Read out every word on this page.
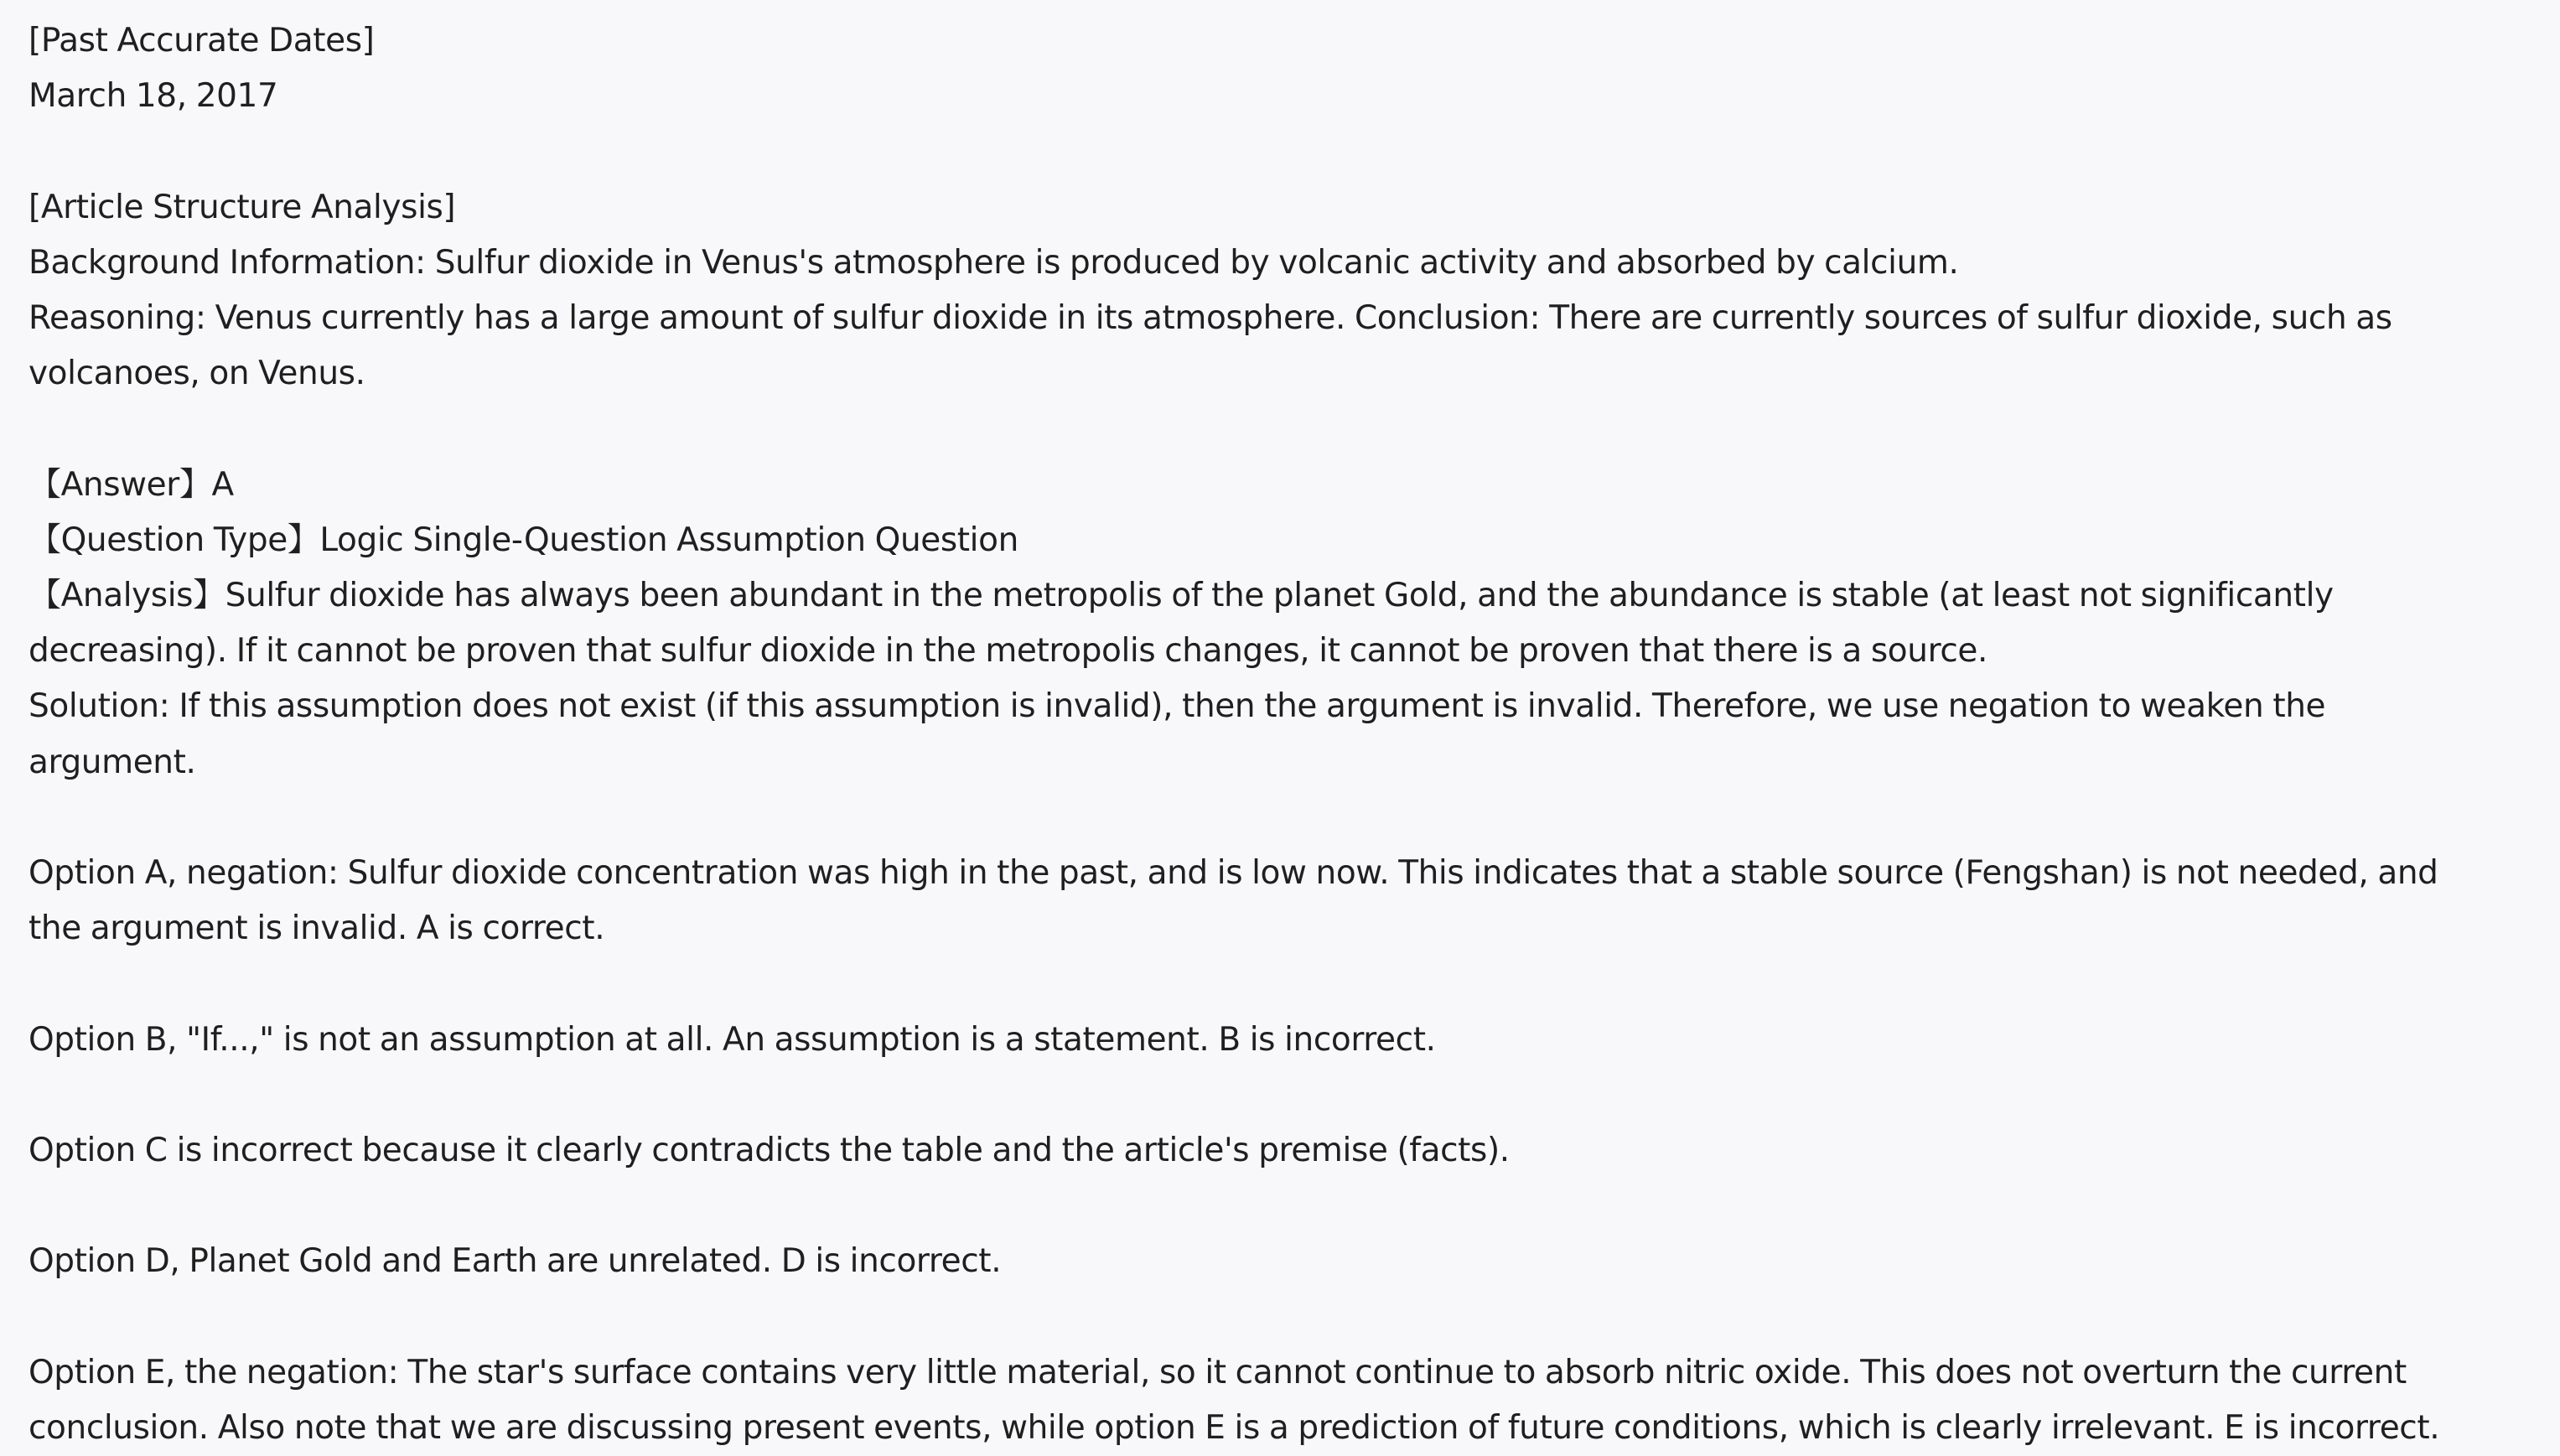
[Past Accurate Dates]
March 18, 2017
[Article Structure Analysis]
Background Information: Sulfur dioxide in Venus's atmosphere is produced by volcanic activity and absorbed by calcium.
Reasoning: Venus currently has a large amount of sulfur dioxide in its atmosphere. Conclusion: There are currently sources of sulfur dioxide, such as
volcanoes, on Venus.
【Answer】A
【Question Type】Logic Single-Question Assumption Question
【Analysis】Sulfur dioxide has always been abundant in the metropolis of the planet Gold, and the abundance is stable (at least not significantly
decreasing). If it cannot be proven that sulfur dioxide in the metropolis changes, it cannot be proven that there is a source.
Solution: If this assumption does not exist (if this assumption is invalid), then the argument is invalid. Therefore, we use negation to weaken the
argument.
Option A, negation: Sulfur dioxide concentration was high in the past, and is low now. This indicates that a stable source (Fengshan) is not needed, and
the argument is invalid. A is correct.
Option B, "If...," is not an assumption at all. An assumption is a statement. B is incorrect.
Option C is incorrect because it clearly contradicts the table and the article's premise (facts).
Option D, Planet Gold and Earth are unrelated. D is incorrect.
Option E, the negation: The star's surface contains very little material, so it cannot continue to absorb nitric oxide. This does not overturn the current
conclusion. Also note that we are discussing present events, while option E is a prediction of future conditions, which is clearly irrelevant. E is incorrect.
